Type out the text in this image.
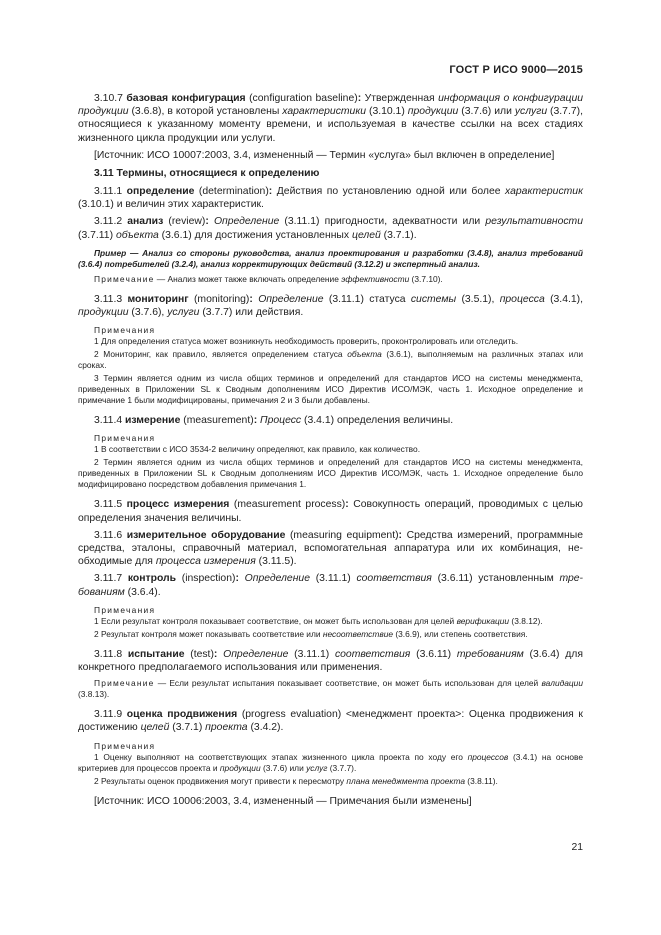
ГОСТ Р ИСО 9000—2015

3.10.7 базовая конфигурация (configuration baseline): Утвержденная информация о конфигурации продукции (3.6.8), в которой установлены характеристики (3.10.1) продукции (3.7.6) или услуги (3.7.7), относящиеся к указанному моменту времени, и используемая в качестве ссылки на всех стадиях жизненного цикла продукции или услуги.

[Источник: ИСО 10007:2003, 3.4, измененный — Термин «услуга» был включен в определение]

3.11 Термины, относящиеся к определению

3.11.1 определение (determination): Действия по установлению одной или более характеристик (3.10.1) и величин этих характеристик.

3.11.2 анализ (review): Определение (3.11.1) пригодности, адекватности или результативности (3.7.11) объекта (3.6.1) для достижения установленных целей (3.7.1).

Пример — Анализ со стороны руководства, анализ проектирования и разработки (3.4.8), анализ требований (3.6.4) потребителей (3.2.4), анализ корректирующих действий (3.12.2) и экспертный анализ.

Примечание — Анализ может также включать определение эффективности (3.7.10).

3.11.3 мониторинг (monitoring): Определение (3.11.1) статуса системы (3.5.1), процесса (3.4.1), продукции (3.7.6), услуги (3.7.7) или действия.

Примечания

1 Для определения статуса может возникнуть необходимость проверить, проконтролировать или отследить.

2 Мониторинг, как правило, является определением статуса объекта (3.6.1), выполняемым на различных этапах или сроках.

3 Термин является одним из числа общих терминов и определений для стандартов ИСО на системы менеджмента, приведенных в Приложении SL к Сводным дополнениям ИСО Директив ИСО/МЭК, часть 1. Исходное определение и примечание 1 были модифицированы, примечания 2 и 3 были добавлены.

3.11.4 измерение (measurement): Процесс (3.4.1) определения величины.

Примечания

1 В соответствии с ИСО 3534-2 величину определяют, как правило, как количество.

2 Термин является одним из числа общих терминов и определений для стандартов ИСО на системы менеджмента, приведенных в Приложении SL к Сводным дополнениям ИСО Директив ИСО/МЭК, часть 1. Исходное определение было модифицировано посредством добавления примечания 1.

3.11.5 процесс измерения (measurement process): Совокупность операций, проводимых с целью определения значения величины.

3.11.6 измерительное оборудование (measuring equipment): Средства измерений, программные средства, эталоны, справочный материал, вспомогательная аппаратура или их комбинация, необходимые для процесса измерения (3.11.5).

3.11.7 контроль (inspection): Определение (3.11.1) соответствия (3.6.11) установленным требованиям (3.6.4).

Примечания

1 Если результат контроля показывает соответствие, он может быть использован для целей верификации (3.8.12).

2 Результат контроля может показывать соответствие или несоответствие (3.6.9), или степень соответствия.

3.11.8 испытание (test): Определение (3.11.1) соответствия (3.6.11) требованиям (3.6.4) для конкретного предполагаемого использования или применения.

Примечание — Если результат испытания показывает соответствие, он может быть использован для целей валидации (3.8.13).

3.11.9 оценка продвижения (progress evaluation) <менеджмент проекта>: Оценка продвижения к достижению целей (3.7.1) проекта (3.4.2).

Примечания

1 Оценку выполняют на соответствующих этапах жизненного цикла проекта по ходу его процессов (3.4.1) на основе критериев для процессов проекта и продукции (3.7.6) или услуг (3.7.7).

2 Результаты оценок продвижения могут привести к пересмотру плана менеджмента проекта (3.8.11).

[Источник: ИСО 10006:2003, 3.4, измененный — Примечания были изменены]

21
